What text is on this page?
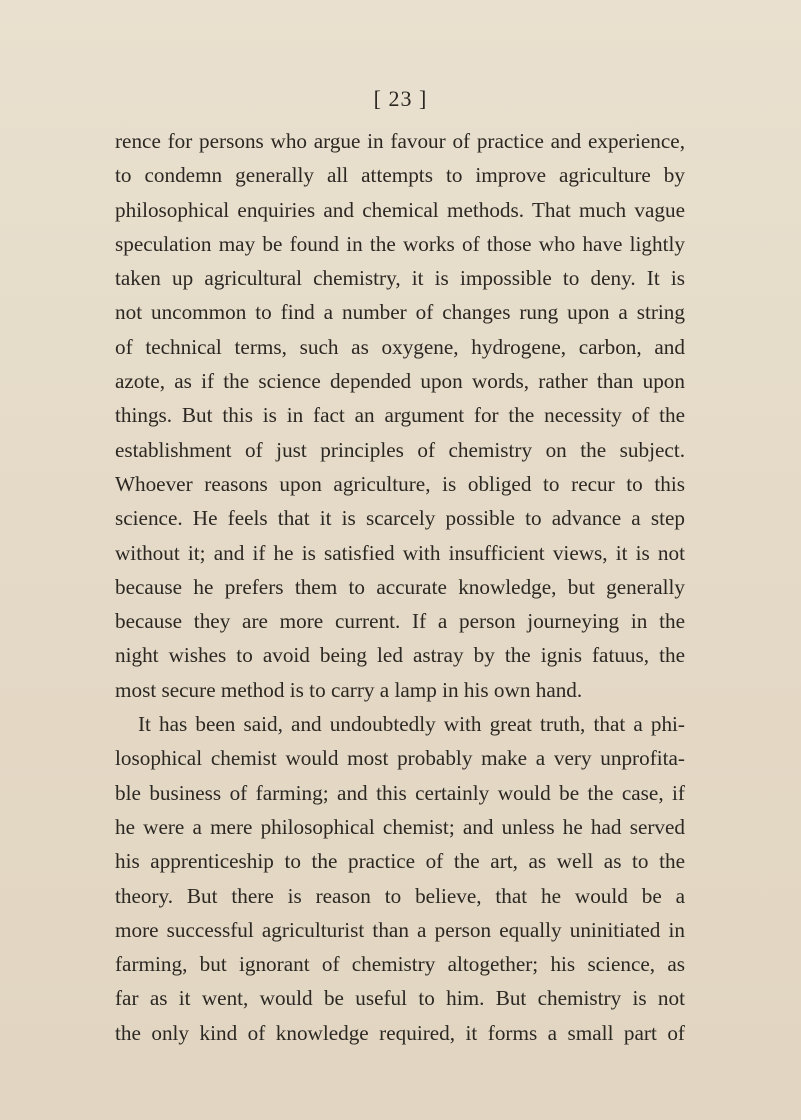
[ 23 ]
rence for persons who argue in favour of practice and experience,
to condemn generally all attempts to improve agriculture by
philosophical enquiries and chemical methods. That much vague
speculation may be found in the works of those who have lightly
taken up agricultural chemistry, it is impossible to deny. It is
not uncommon to find a number of changes rung upon a string
of technical terms, such as oxygene, hydrogene, carbon, and
azote, as if the science depended upon words, rather than upon
things. But this is in fact an argument for the necessity of the
establishment of just principles of chemistry on the subject.
Whoever reasons upon agriculture, is obliged to recur to this
science. He feels that it is scarcely possible to advance a step
without it; and if he is satisfied with insufficient views, it is not
because he prefers them to accurate knowledge, but generally
because they are more current. If a person journeying in the
night wishes to avoid being led astray by the ignis fatuus, the
most secure method is to carry a lamp in his own hand.
It has been said, and undoubtedly with great truth, that a phi-
losophical chemist would most probably make a very unprofita-
ble business of farming; and this certainly would be the case, if
he were a mere philosophical chemist; and unless he had served
his apprenticeship to the practice of the art, as well as to the
theory. But there is reason to believe, that he would be a
more successful agriculturist than a person equally uninitiated in
farming, but ignorant of chemistry altogether; his science, as
far as it went, would be useful to him. But chemistry is not
the only kind of knowledge required, it forms a small part of
